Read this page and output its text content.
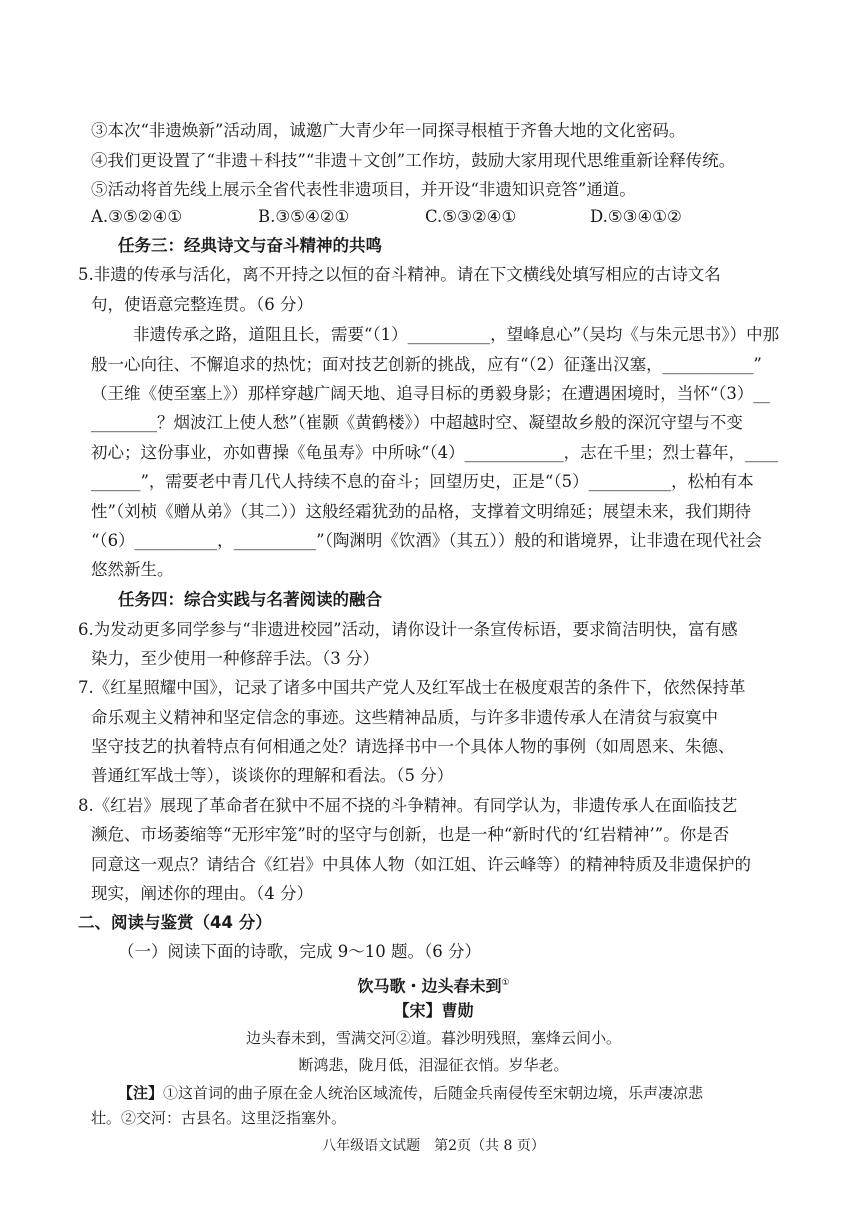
③本次“非遗焕新”活动周，诚邀广大青少年一同探寻根植于齐鲁大地的文化密码。
④我们更设置了“非遗＋科技”“非遗＋文创”工作坊，鼓励大家用现代思维重新诠释传统。
⑤活动将首先线上展示全省代表性非遗项目，并开设“非遗知识竞答”通道。
A.③⑤②④①	B.③⑤④②①	C.⑤③②④①	D.⑤③④①②
任务三：经典诗文与奋斗精神的共鸣
5.非遗的传承与活化，离不开持之以恒的奋斗精神。请在下文横线处填写相应的古诗文名
句，使语意完整连贯。（6 分）
非遗传承之路，道阻且长，需要“（1）__________，望峰息心”（吴均《与朱元思书》）中那
般一心向往、不懈追求的热忱；面对技艺创新的挑战，应有“（2）征蓬出汉塞，___________”
（王维《使至塞上》）那样穿越广阔天地、追寻目标的勇毅身影；在遭遇困境时，当怀“（3）__
________？烟波江上使人愁”（崔颢《黄鹤楼》）中超越时空、凝望故乡般的深沉守望与不变
初心；这份事业，亦如曹操《龟虽寿》中所咏“（4）____________，志在千里；烈士暮年，____
______”，需要老中青几代人持续不息的奋斗；回望历史，正是“（5）__________，松柏有本
性”（刘桢《赠从弟》（其二））这般经霜犹劲的品格，支撑着文明绵延；展望未来，我们期待
“（6）__________，__________”（陶渊明《饮酒》（其五））般的和谐境界，让非遗在现代社会
悠然新生。
任务四：综合实践与名著阅读的融合
6.为发动更多同学参与“非遗进校园”活动，请你设计一条宣传标语，要求简洁明快，富有感
染力，至少使用一种修辞手法。（3 分）
7.《红星照耀中国》，记录了诸多中国共产党人及红军战士在极度艰苦的条件下，依然保持革
命乐观主义精神和坚定信念的事迹。这些精神品质，与许多非遗传承人在清贫与寂寞中
坚守技艺的执着特点有何相通之处？请选择书中一个具体人物的事例（如周恩来、朱德、
普通红军战士等），谈谈你的理解和看法。（5 分）
8.《红岩》展现了革命者在狱中不屈不挠的斗争精神。有同学认为，非遗传承人在面临技艺
濒危、市场萎缩等“无形牢笼”时的坚守与创新，也是一种“新时代的‘红岩精神’”。你是否
同意这一观点？请结合《红岩》中具体人物（如江姐、许云峰等）的精神特质及非遗保护的
现实，阐述你的理由。（4 分）
二、阅读与鉴赏（44 分）
（一）阅读下面的诗歌，完成 9～10 题。（6 分）
饮马歌・边头春未到①
【宋】曹勋
边头春未到，雪满交河②道。暮沙明残照，塞烽云间小。
断鸿悲，陇月低，泪湿征衣悄。岁华老。
【注】①这首词的曲子原在金人统治区域流传，后随金兵南侵传至宋朝边境，乐声凄凉悲
壮。②交河：古县名。这里泛指塞外。
八年级语文试题　第2页（共 8 页）
